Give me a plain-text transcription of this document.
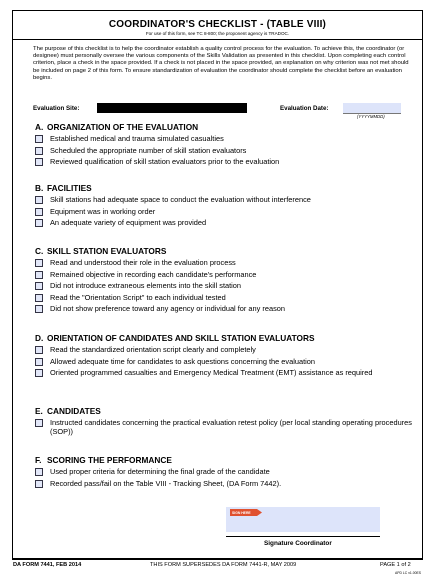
COORDINATOR'S CHECKLIST - (TABLE VIII)
For use of this form, see TC 8-800; the proponent agency is TRADOC.
The purpose of this checklist is to help the coordinator establish a quality control process for the evaluation. To achieve this, the coordinator (or designee) must personally oversee the various components of the Skills Validation as presented in this checklist. Upon completing each control criterion, place a check in the space provided. If a check is not placed in the space provided, an explanation on why criterion was not met should be included on page 2 of this form. To ensure standardization of evaluation the coordinator should complete the checklist before an evaluation begins.
Evaluation Site:	Evaluation Date:
(YYYYMMDD)
A. ORGANIZATION OF THE EVALUATION
Established medical and trauma simulated casualties
Scheduled the appropriate number of skill station evaluators
Reviewed qualification of skill station evaluators prior to the evaluation
B. FACILITIES
Skill stations had adequate space to conduct the evaluation without interference
Equipment was in working order
An adequate variety of equipment was provided
C. SKILL STATION EVALUATORS
Read and understood their role in the evaluation process
Remained objective in recording each candidate's performance
Did not introduce extraneous elements into the skill station
Read the "Orientation Script" to each individual tested
Did not show preference toward any agency or individual for any reason
D. ORIENTATION OF CANDIDATES AND SKILL STATION EVALUATORS
Read the standardized orientation script clearly and completely
Allowed adequate time for candidates to ask questions concerning the evaluation
Oriented programmed casualties and Emergency Medical Treatment (EMT) assistance as required
E. CANDIDATES
Instructed candidates concerning the practical evaluation retest policy (per local standing operating procedures (SOP))
F. SCORING THE PERFORMANCE
Used proper criteria for determining the final grade of the candidate
Recorded pass/fail on the Table VIII - Tracking Sheet, (DA Form 7442).
SIGN HERE
Signature Coordinator
DA FORM 7441, FEB 2014	THIS FORM SUPERSEDES DA FORM 7441-R, MAY 2009	PAGE 1 of 2
APD LC v1.00ES
